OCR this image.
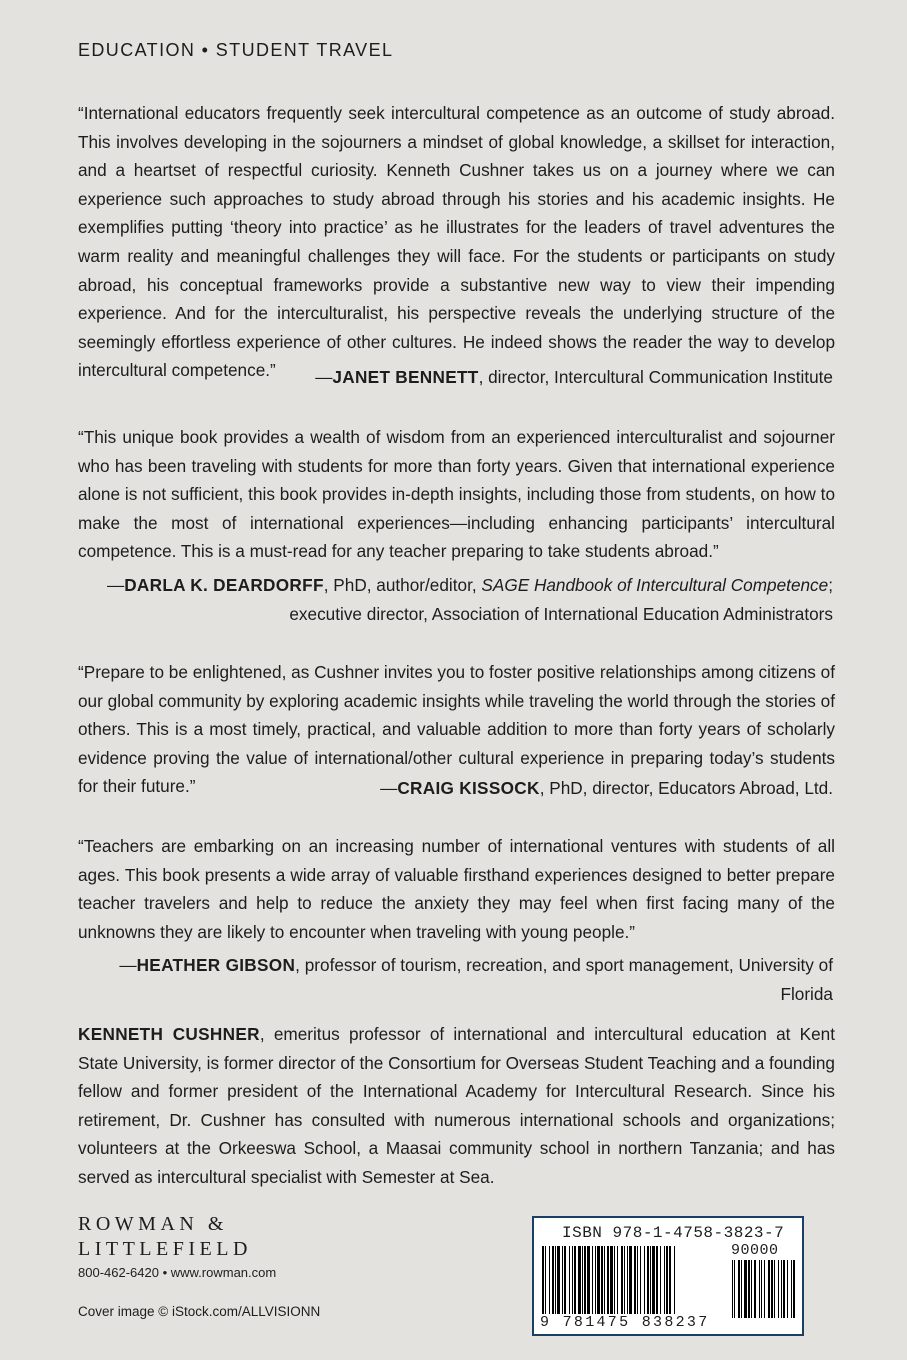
EDUCATION • STUDENT TRAVEL
“International educators frequently seek intercultural competence as an outcome of study abroad. This involves developing in the sojourners a mindset of global knowledge, a skillset for interaction, and a heartset of respectful curiosity. Kenneth Cushner takes us on a journey where we can experience such approaches to study abroad through his stories and his academic insights. He exemplifies putting ‘theory into practice’ as he illustrates for the leaders of travel adventures the warm reality and meaningful challenges they will face. For the students or participants on study abroad, his conceptual frameworks provide a substantive new way to view their impending experience. And for the interculturalist, his perspective reveals the underlying structure of the seemingly effortless experience of other cultures. He indeed shows the reader the way to develop intercultural competence.”	—JANET BENNETT, director, Intercultural Communication Institute
“This unique book provides a wealth of wisdom from an experienced interculturalist and sojourner who has been traveling with students for more than forty years. Given that international experience alone is not sufficient, this book provides in-depth insights, including those from students, on how to make the most of international experiences—including enhancing participants’ intercultural competence. This is a must-read for any teacher preparing to take students abroad.”
—DARLA K. DEARDORFF, PhD, author/editor, SAGE Handbook of Intercultural Competence;
executive director, Association of International Education Administrators
“Prepare to be enlightened, as Cushner invites you to foster positive relationships among citizens of our global community by exploring academic insights while traveling the world through the stories of others. This is a most timely, practical, and valuable addition to more than forty years of scholarly evidence proving the value of international/other cultural experience in preparing today’s students for their future.”	—CRAIG KISSOCK, PhD, director, Educators Abroad, Ltd.
“Teachers are embarking on an increasing number of international ventures with students of all ages. This book presents a wide array of valuable firsthand experiences designed to better prepare teacher travelers and help to reduce the anxiety they may feel when first facing many of the unknowns they are likely to encounter when traveling with young people.”
—HEATHER GIBSON, professor of tourism, recreation, and sport management, University of Florida
KENNETH CUSHNER, emeritus professor of international and intercultural education at Kent State University, is former director of the Consortium for Overseas Student Teaching and a founding fellow and former president of the International Academy for Intercultural Research. Since his retirement, Dr. Cushner has consulted with numerous international schools and organizations; volunteers at the Orkeeswa School, a Maasai community school in northern Tanzania; and has served as intercultural specialist with Semester at Sea.
ROWMAN &
LITTLEFIELD
800-462-6420 • www.rowman.com
Cover image © iStock.com/ALLVISIONN
ISBN 978-1-4758-3823-7
90000
9 781475 838237
